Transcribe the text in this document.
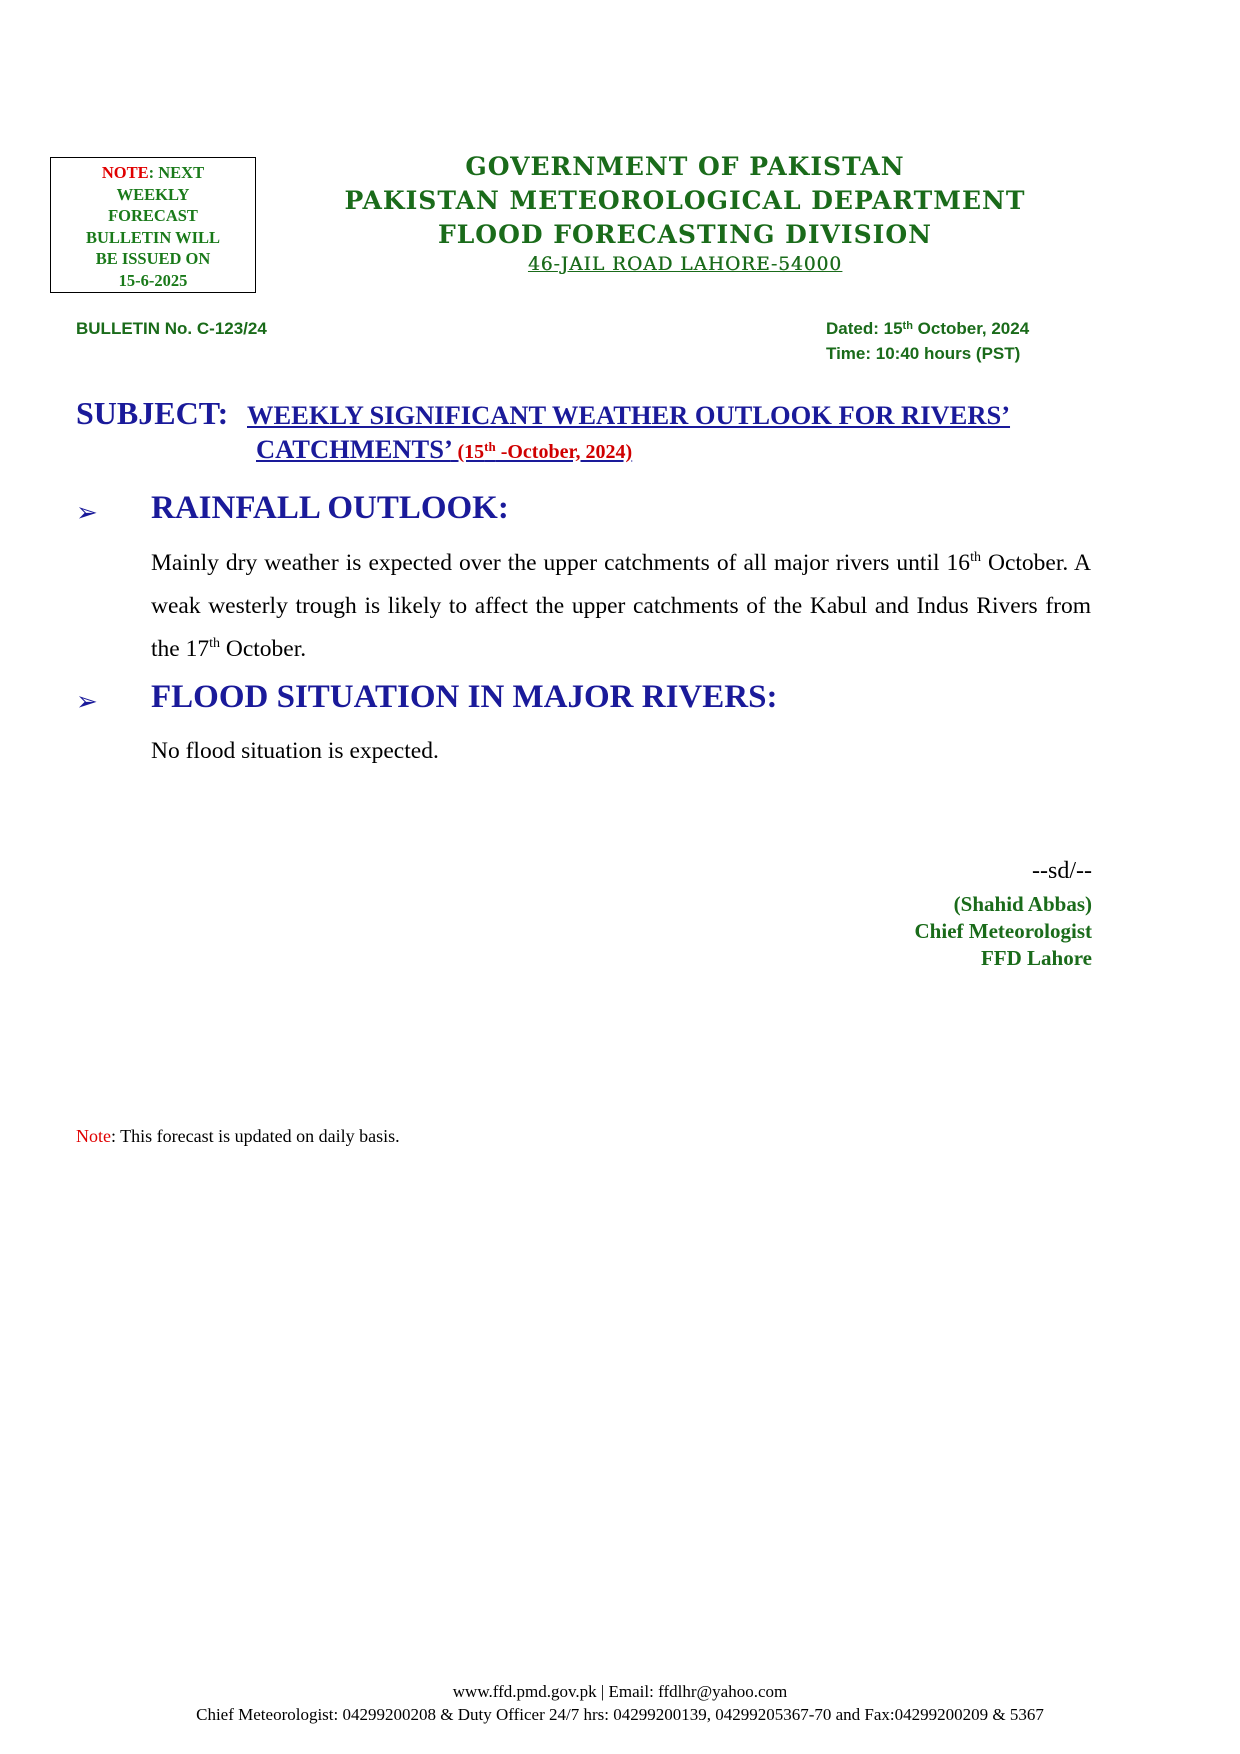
NOTE: NEXT
WEEKLY
FORECAST
BULLETIN WILL
BE ISSUED ON
15-6-2025
GOVERNMENT OF PAKISTAN
PAKISTAN METEOROLOGICAL DEPARTMENT
FLOOD FORECASTING DIVISION
46-JAIL ROAD LAHORE-54000
BULLETIN No. C-123/24	Dated: 15th October, 2024
Time: 10:40 hours (PST)
SUBJECT: WEEKLY SIGNIFICANT WEATHER OUTLOOK FOR RIVERS’
CATCHMENTS’ (15th -October, 2024)
➢ RAINFALL OUTLOOK:
Mainly dry weather is expected over the upper catchments of all major rivers until 16th October. A weak westerly trough is likely to affect the upper catchments of the Kabul and Indus Rivers from the 17th October.
➢ FLOOD SITUATION IN MAJOR RIVERS:
No flood situation is expected.
--sd/--
(Shahid Abbas)
Chief Meteorologist
FFD Lahore
Note: This forecast is updated on daily basis.
www.ffd.pmd.gov.pk | Email: ffdlhr@yahoo.com
Chief Meteorologist: 04299200208 & Duty Officer 24/7 hrs: 04299200139, 04299205367-70 and Fax:04299200209 & 5367
